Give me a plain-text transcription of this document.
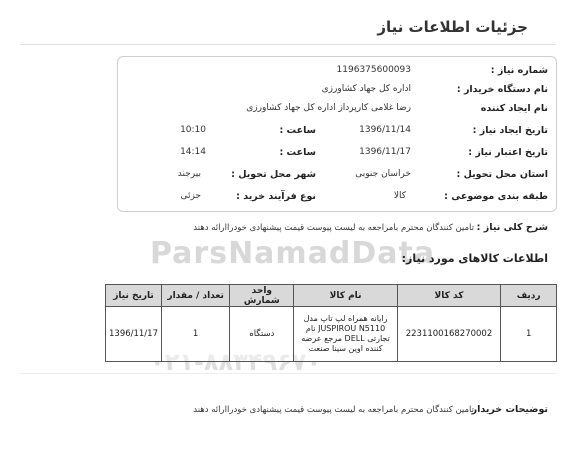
جزئیات اطلاعات نیاز
شماره نیاز :
1196375600093
نام دستگاه خریدار :
اداره کل جهاد کشاورزی
نام ایجاد کننده
رضا غلامی کارپرداز اداره کل جهاد کشاورزی
تاریخ ایجاد نیاز :
1396/11/14
ساعت :
10:10
تاریخ اعتبار نیاز :
1396/11/17
ساعت :
14:14
استان محل تحویل :
خراسان جنوبی
شهر محل تحویل :
بیرجند
طبقه بندی موضوعی :
کالا
نوع فرآیند خرید :
جزئی
شرح کلی نیاز :
تامین کنندگان محترم بامراجعه به لیست پیوست قیمت پیشنهادی خودراارائه دهند
ParsNamadData
اطلاعات کالاهای مورد نیاز:
ردیف	کد کالا	نام کالا	واحد شمارش	تعداد / مقدار	تاریخ نیاز
1	2231100168270002	رایانه همراه لپ تاپ مدل JUSPIROU N5110 نام تجارتی DELL مرجع عرضه کننده اوین سینا صنعت	دستگاه	1	1396/11/17
۰۲۱-۸۸۳۴۹۶۷۰
توضیحات خریدار
تامین کنندگان محترم بامراجعه به لیست پیوست قیمت پیشنهادی خودراارائه دهند
